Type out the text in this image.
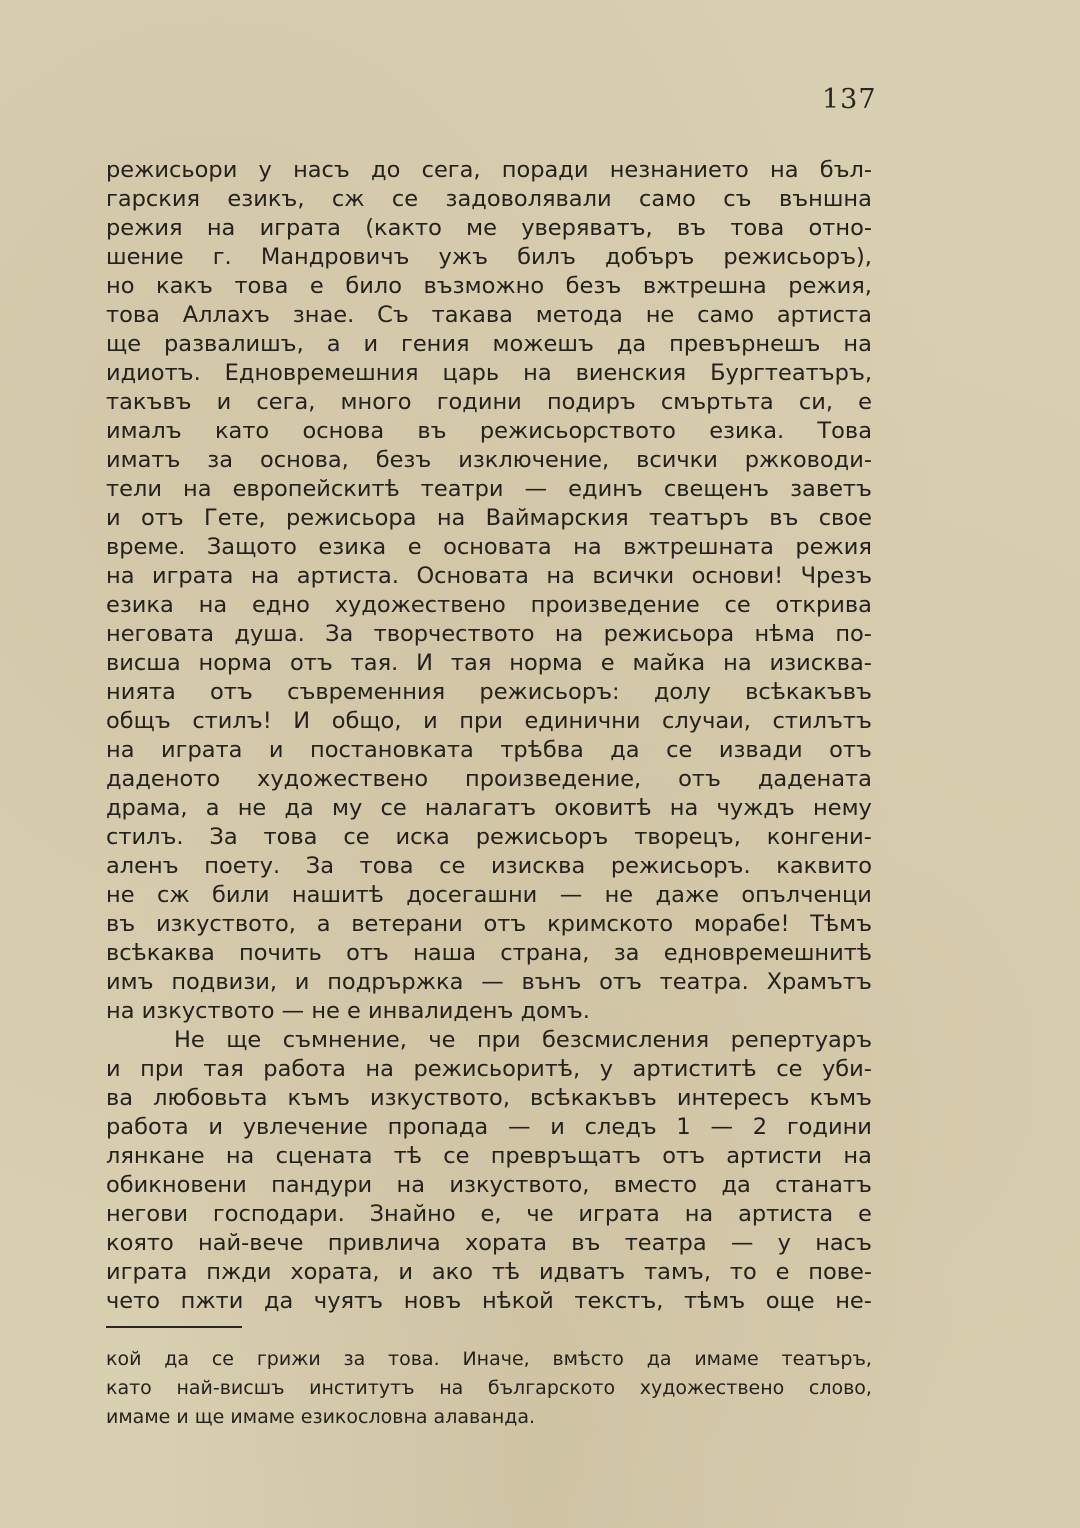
137
режисьори у насъ до сега, поради незнанието на бъл-
гарския езикъ, сж се задоволявали само съ външна
режия на играта (както ме уверяватъ, въ това отно-
шение г. Мандровичъ ужъ билъ добъръ режисьоръ),
но какъ това е било възможно безъ вжтрешна режия,
това Аллахъ знае. Съ такава метода не само артиста
ще развалишъ, а и гения можешъ да превърнешъ на
идиотъ. Едновремешния царь на виенския Бургтеатъръ,
такъвъ и сега, много години подиръ смъртьта си, е
ималъ като основа въ режисьорството езика. Това
иматъ за основа, безъ изключение, всички ржководи-
тели на европейскитѣ театри — единъ свещенъ заветъ
и отъ Гете, режисьора на Ваймарския театъръ въ свое
време. Защото езика е основата на вжтрешната режия
на играта на артиста. Основата на всички основи! Чрезъ
езика на едно художествено произведение се открива
неговата душа. За творчеството на режисьора нѣма по-
висша норма отъ тая. И тая норма е майка на изисква-
нията отъ съвременния режисьоръ: долу всѣкакъвъ
общъ стилъ! И общо, и при единични случаи, стилътъ
на играта и постановката трѣбва да се извади отъ
даденото художествено произведение, отъ дадената
драма, а не да му се налагатъ оковитѣ на чуждъ нему
стилъ. За това се иска режисьоръ творецъ, конгени-
аленъ поету. За това се изисква режисьоръ. каквито
не сж били нашитѣ досегашни — не даже опълченци
въ изкуството, а ветерани отъ кримското морабе! Тѣмъ
всѣкаква почить отъ наша страна, за едновремешнитѣ
имъ подвизи, и подрържка — вънъ отъ театра. Храмътъ
на изкуството — не е инвалиденъ домъ.
Не ще съмнение, че при безсмисления репертуаръ
и при тая работа на режисьоритѣ, у артиститѣ се уби-
ва любовьта къмъ изкуството, всѣкакъвъ интересъ къмъ
работа и увлечение пропада — и следъ 1 — 2 години
лянкане на сцената тѣ се превръщатъ отъ артисти на
обикновени пандури на изкуството, вместо да станатъ
негови господари. Знайно е, че играта на артиста е
която най-вече привлича хората въ театра — у насъ
играта пжди хората, и ако тѣ идватъ тамъ, то е пове-
чето пжти да чуятъ новъ нѣкой текстъ, тѣмъ още не-
кой да се грижи за това. Иначе, вмѣсто да имаме театъръ,
като най-висшъ институтъ на българското художествено слово,
имаме и ще имаме езикословна алаванда.
